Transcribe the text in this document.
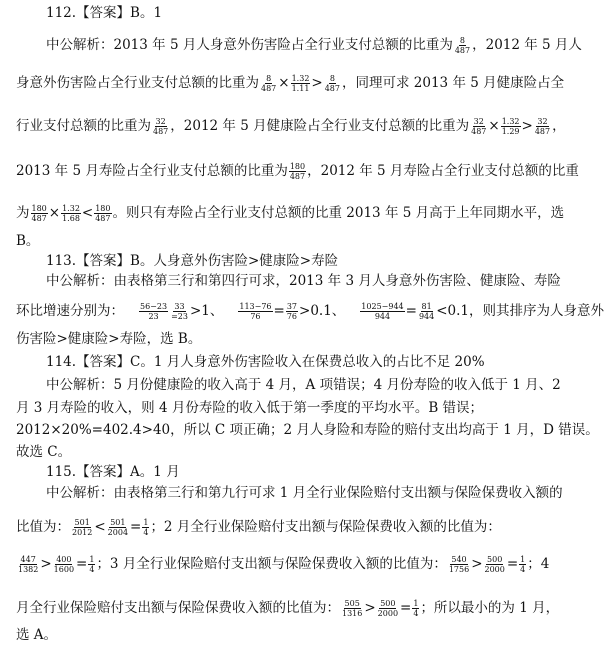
112.【答案】B。1
中公解析：2013 年 5 月人身意外伤害险占全行业支付总额的比重为 $\frac{8}{487}$ ，2012 年 5 月人
身意外伤害险占全行业支付总额的比重为 $\frac{8}{487} \times \frac{1.32}{1.11} > \frac{8}{487}$ ，同理可求 2013 年 5 月健康险占全
行业支付总额的比重为 $\frac{32}{487}$ ，2012 年 5 月健康险占全行业支付总额的比重为 $\frac{32}{487} \times \frac{1.32}{1.29} > \frac{32}{487}$ ，
2013 年 5 月寿险占全行业支付总额的比重为 $\frac{180}{487}$ ，2012 年 5 月寿险占全行业支付总额的比重
为 $\frac{180}{487} \times \frac{1.32}{1.68} < \frac{180}{487}$ 。则只有寿险占全行业支付总额的比重 2013 年 5 月高于上年同期水平，选
B。
113.【答案】B。人身意外伤害险>健康险>寿险
中公解析：由表格第三行和第四行可求，2013 年 3 月人身意外伤害险、健康险、寿险
环比增速分别为： $\frac{56-23}{23} \frac{33}{=23} >1$、 $\frac{113-76}{76} = \frac{37}{76} >0.1$、 $\frac{1025-944}{944} = \frac{81}{944} <0.1$，则其排序为人身意外
伤害险>健康险>寿险，选 B。
114.【答案】C。1 月人身意外伤害险收入在保费总收入的占比不足 20%
中公解析：5 月份健康险的收入高于 4 月，A 项错误；4 月份寿险的收入低于 1 月、2
月 3 月寿险的收入，则 4 月份寿险的收入低于第一季度的平均水平。B 错误；
2012×20%=402.4>40，所以 C 项正确；2 月人身险和寿险的赔付支出均高于 1 月，D 错误。
故选 C。
115.【答案】A。1 月
中公解析：由表格第三行和第九行可求 1 月全行业保险赔付支出额与保险保费收入额的
比值为： $\frac{501}{2012} < \frac{501}{2004} = \frac{1}{4}$ ；2 月全行业保险赔付支出额与保险保费收入额的比值为：
$\frac{447}{1382} > \frac{400}{1600} = \frac{1}{4}$ ；3 月全行业保险赔付支出额与保险保费收入额的比值为： $\frac{540}{1756} > \frac{500}{2000} = \frac{1}{4}$ ；4
月全行业保险赔付支出额与保险保费收入额的比值为： $\frac{505}{1316} > \frac{500}{2000} = \frac{1}{4}$ ；所以最小的为 1 月，
选 A。
